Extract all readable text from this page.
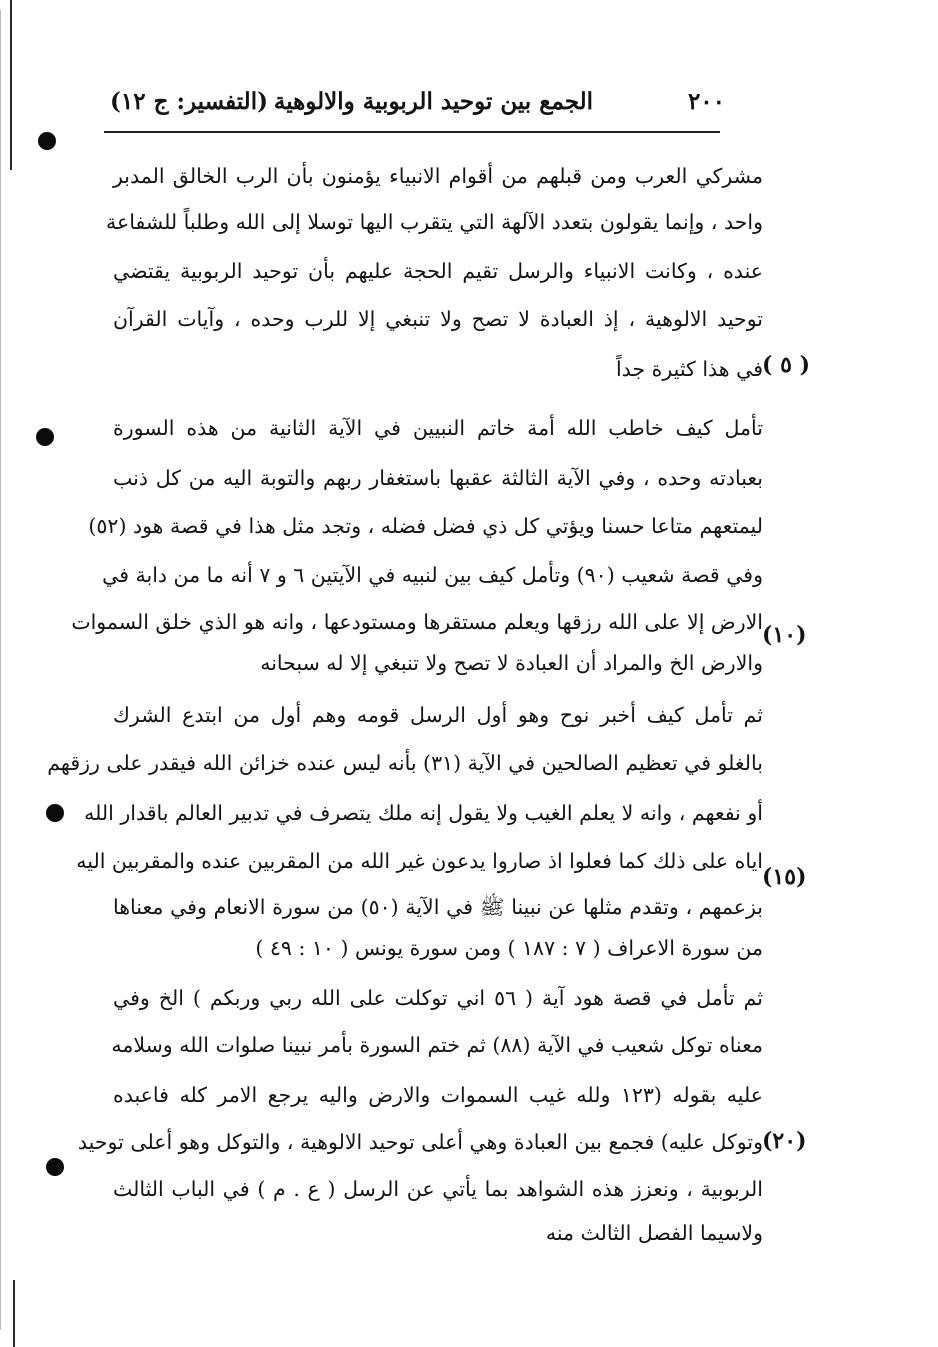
٢٠٠
الجمع بين توحيد الربوبية والالوهية
(التفسير: ج ١٢)
مشركي العرب ومن قبلهم من أقوام الانبياء يؤمنون بأن الرب الخالق المدبر
واحد ، وإنما يقولون بتعدد الآلهة التي يتقرب اليها توسلا إلى الله وطلباً للشفاعة
عنده ، وكانت الانبياء والرسل تقيم الحجة عليهم بأن توحيد الربوبية يقتضي
توحيد الالوهية ، إذ العبادة لا تصح ولا تنبغي إلا للرب وحده ، وآيات القرآن
في هذا كثيرة جداً
تأمل كيف خاطب الله أمة خاتم النبيين في الآية الثانية من هذه السورة
بعبادته وحده ، وفي الآية الثالثة عقبها باستغفار ربهم والتوبة اليه من كل ذنب
ليمتعهم متاعا حسنا ويؤتي كل ذي فضل فضله ، وتجد مثل هذا في قصة هود (٥٢)
وفي قصة شعيب (٩٠) وتأمل كيف بين لنبيه في الآيتين ٦ و ٧ أنه ما من دابة في
الارض إلا على الله رزقها ويعلم مستقرها ومستودعها ، وانه هو الذي خلق السموات
والارض الخ والمراد أن العبادة لا تصح ولا تنبغي إلا له سبحانه
ثم تأمل كيف أخبر نوح وهو أول الرسل قومه وهم أول من ابتدع الشرك
بالغلو في تعظيم الصالحين في الآية (٣١) بأنه ليس عنده خزائن الله فيقدر على رزقهم
أو نفعهم ، وانه لا يعلم الغيب ولا يقول إنه ملك يتصرف في تدبير العالم باقدار الله
اياه على ذلك كما فعلوا اذ صاروا يدعون غير الله من المقربين عنده والمقربين اليه
بزعمهم ، وتقدم مثلها عن نبينا ﷺ في الآية (٥٠) من سورة الانعام وفي معناها
من سورة الاعراف ( ٧ : ١٨٧ ) ومن سورة يونس ( ١٠ : ٤٩ )
ثم تأمل في قصة هود آية ( ٥٦ اني توكلت على الله ربي وربكم ) الخ وفي
معناه توكل شعيب في الآية (٨٨) ثم ختم السورة بأمر نبينا صلوات الله وسلامه
عليه بقوله (١٢٣ ولله غيب السموات والارض واليه يرجع الامر كله فاعبده
وتوكل عليه) فجمع بين العبادة وهي أعلى توحيد الالوهية ، والتوكل وهو أعلى توحيد
الربوبية ، ونعزز هذه الشواهد بما يأتي عن الرسل ( ع . م ) في الباب الثالث
ولاسيما الفصل الثالث منه
( ٥ )
(١٠)
(١٥)
(٢٠)
